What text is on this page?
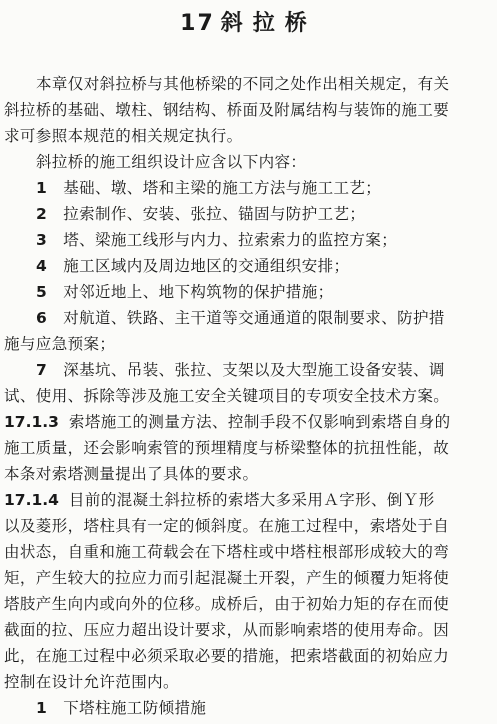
17 斜拉桥
本章仅对斜拉桥与其他桥梁的不同之处作出相关规定，有关
斜拉桥的基础、墩柱、钢结构、桥面及附属结构与装饰的施工要
求可参照本规范的相关规定执行。
斜拉桥的施工组织设计应含以下内容：
1 基础、墩、塔和主梁的施工方法与施工工艺；
2 拉索制作、安装、张拉、锚固与防护工艺；
3 塔、梁施工线形与内力、拉索索力的监控方案；
4 施工区域内及周边地区的交通组织安排；
5 对邻近地上、地下构筑物的保护措施；
6 对航道、铁路、主干道等交通通道的限制要求、防护措
施与应急预案；
7 深基坑、吊装、张拉、支架以及大型施工设备安装、调
试、使用、拆除等涉及施工安全关键项目的专项安全技术方案。
17.1.3 索塔施工的测量方法、控制手段不仅影响到索塔自身的
施工质量，还会影响索管的预埋精度与桥梁整体的抗扭性能，故
本条对索塔测量提出了具体的要求。
17.1.4 目前的混凝土斜拉桥的索塔大多采用Ａ字形、倒Ｙ形
以及菱形，塔柱具有一定的倾斜度。在施工过程中，索塔处于自
由状态，自重和施工荷载会在下塔柱或中塔柱根部形成较大的弯
矩，产生较大的拉应力而引起混凝土开裂，产生的倾覆力矩将使
塔肢产生向内或向外的位移。成桥后，由于初始力矩的存在而使
截面的拉、压应力超出设计要求，从而影响索塔的使用寿命。因
此，在施工过程中必须采取必要的措施，把索塔截面的初始应力
控制在设计允许范围内。
1 下塔柱施工防倾措施
